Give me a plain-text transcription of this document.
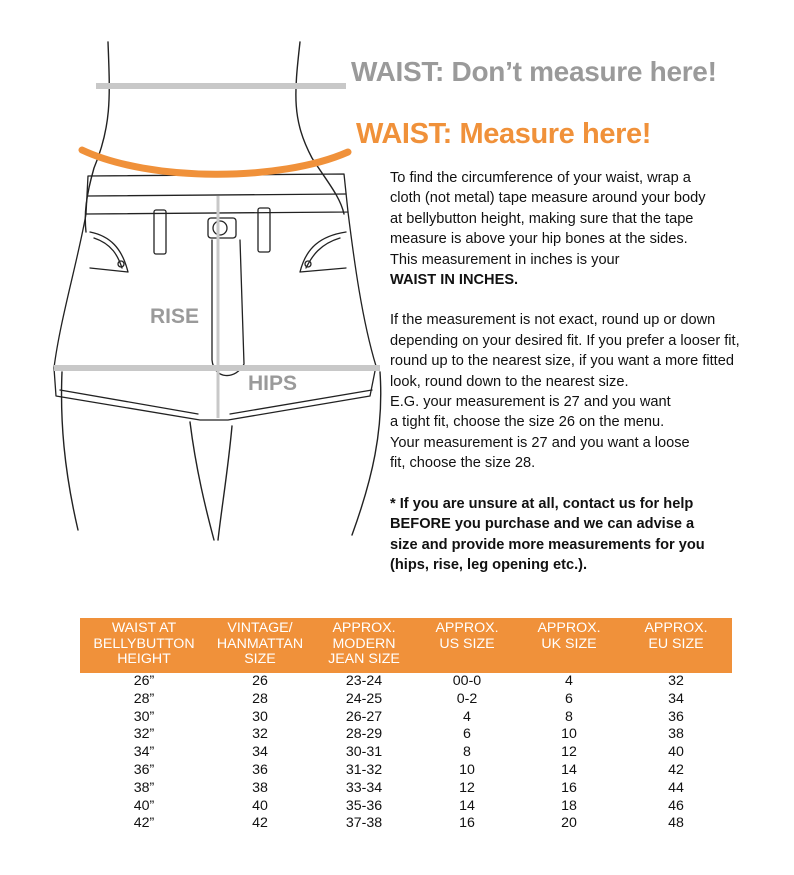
WAIST: Don’t measure here!
WAIST: Measure here!
RISE
HIPS

To find the circumference of your waist, wrap a

cloth (not metal) tape measure around your body

at bellybutton height, making sure that the tape

measure is above your hip bones at the sides.

This measurement in inches is your

WAIST IN INCHES.

If the measurement is not exact, round up or down

depending on your desired fit. If you prefer a looser fit,

round up to the nearest size, if you want a more fitted

look, round down to the nearest size.

E.G. your measurement is 27 and you want

a tight fit, choose the size 26 on the menu.

Your measurement is 27 and you want a loose

fit, choose the size 28.

* If you are unsure at all, contact us for help

BEFORE you purchase and we can advise a

size and provide more measurements for you

(hips, rise, leg opening etc.).

WAIST AT
BELLYBUTTON
HEIGHT	VINTAGE/
HANMATTAN
SIZE	APPROX.
MODERN
JEAN SIZE	APPROX.
US SIZE	APPROX.
UK SIZE	APPROX.
EU SIZE

26”	26	23-24	00-0	4	32
28”	28	24-25	0-2	6	34
30”	30	26-27	4	8	36
32”	32	28-29	6	10	38
34”	34	30-31	8	12	40
36”	36	31-32	10	14	42
38”	38	33-34	12	16	44
40”	40	35-36	14	18	46
42”	42	37-38	16	20	48
